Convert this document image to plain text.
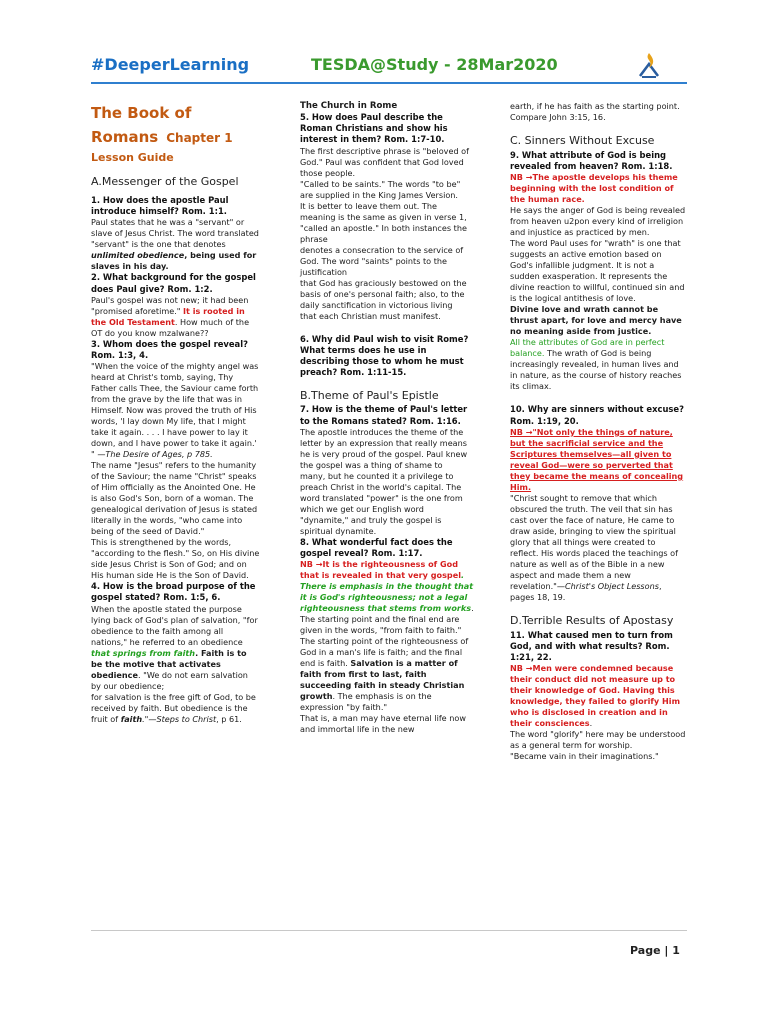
#DeeperLearning	TESDA@Study - 28Mar2020
The Book of
Romans Chapter 1
Lesson Guide
A.Messenger of the Gospel

1. How does the apostle Paul introduce himself? Rom. 1:1.

Paul states that he was a "servant" or slave of Jesus Christ. The word translated "servant" is the one that denotes unlimited obedience, being used for slaves in his day.

2. What background for the gospel does Paul give? Rom. 1:2.

Paul's gospel was not new; it had been "promised aforetime." It is rooted in the Old Testament. How much of the OT do you know mzalwane??

3. Whom does the gospel reveal? Rom. 1:3, 4.

"When the voice of the mighty angel was heard at Christ's tomb, saying, Thy Father calls Thee, the Saviour came forth from the grave by the life that was in Himself. Now was proved the truth of His words, 'I lay down My life, that I might take it again. . . . I have power to lay it down, and I have power to take it again.' " —The Desire of Ages, p 785.

The name "Jesus" refers to the humanity of the Saviour; the name "Christ" speaks of Him officially as the Anointed One. He is also God's Son, born of a woman. The genealogical derivation of Jesus is stated literally in the words, "who came into being of the seed of David."

This is strengthened by the words, "according to the flesh." So, on His divine side Jesus Christ is Son of God; and on His human side He is the Son of David.

4. How is the broad purpose of the gospel stated? Rom. 1:5, 6.

When the apostle stated the purpose lying back of God's plan of salvation, "for obedience to the faith among all nations," he referred to an obedience that springs from faith. Faith is to be the motive that activates obedience. "We do not earn salvation by our obedience;

for salvation is the free gift of God, to be received by faith. But obedience is the fruit of faith."—Steps to Christ, p 61.

The Church in Rome

5. How does Paul describe the Roman Christians and show his interest in them? Rom. 1:7-10.

The first descriptive phrase is "beloved of God." Paul was confident that God loved those people.

"Called to be saints." The words "to be" are supplied in the King James Version.

It is better to leave them out. The meaning is the same as given in verse 1, "called an apostle." In both instances the phrase

denotes a consecration to the service of God. The word "saints" points to the justification

that God has graciously bestowed on the basis of one's personal faith; also, to the daily sanctification in victorious living

that each Christian must manifest.

6. Why did Paul wish to visit Rome? What terms does he use in describing those to whom he must preach? Rom. 1:11-15.

B.Theme of Paul's Epistle

7. How is the theme of Paul's letter to the Romans stated? Rom. 1:16.

The apostle introduces the theme of the letter by an expression that really means he is very proud of the gospel. Paul knew the gospel was a thing of shame to

many, but he counted it a privilege to preach Christ in the world's capital. The word translated "power" is the one from

which we get our English word "dynamite," and truly the gospel is spiritual dynamite.

8. What wonderful fact does the gospel reveal? Rom. 1:17.

NB →It is the righteousness of God that is revealed in that very gospel. There is emphasis in the thought that it is God's righteousness; not a legal righteousness that stems from works.

The starting point and the final end are given in the words, "from faith to faith." The starting point of the righteousness of God in a man's life is faith; and the final end is faith. Salvation is a matter of faith from first to last, faith succeeding faith in steady Christian growth. The emphasis is on the expression "by faith."

That is, a man may have eternal life now and immortal life in the new

earth, if he has faith as the starting point. Compare John 3:15, 16.

C. Sinners Without Excuse

9. What attribute of God is being revealed from heaven? Rom. 1:18.

NB →The apostle develops his theme beginning with the lost condition of the human race.

He says the anger of God is being revealed from heaven u2pon every kind of irreligion and injustice as practiced by men.

The word Paul uses for "wrath" is one that suggests an active emotion based on God's infallible judgment. It is not a sudden exasperation. It represents the divine reaction to willful, continued sin and is the logical antithesis of love.

Divine love and wrath cannot be thrust apart, for love and mercy have no meaning aside from justice.

All the attributes of God are in perfect balance. The wrath of God is being increasingly revealed, in human lives and in nature, as the course of history reaches its climax.

10. Why are sinners without excuse? Rom. 1:19, 20.

NB →"Not only the things of nature, but the sacrificial service and the Scriptures themselves—all given to reveal God—were so perverted that they became the means of concealing Him.

"Christ sought to remove that which obscured the truth. The veil that sin has cast over the face of nature, He came to draw aside, bringing to view the spiritual glory that all things were created to reflect. His words placed the teachings of nature as well as of the Bible in a new aspect and made them a new revelation."—Christ's Object Lessons, pages 18, 19.

D.Terrible Results of Apostasy

11. What caused men to turn from God, and with what results? Rom. 1:21, 22.

NB →Men were condemned because their conduct did not measure up to their knowledge of God. Having this knowledge, they failed to glorify Him who is disclosed in creation and in their consciences.

The word "glorify" here may be understood as a general term for worship.

"Became vain in their imaginations."

Page | 1
